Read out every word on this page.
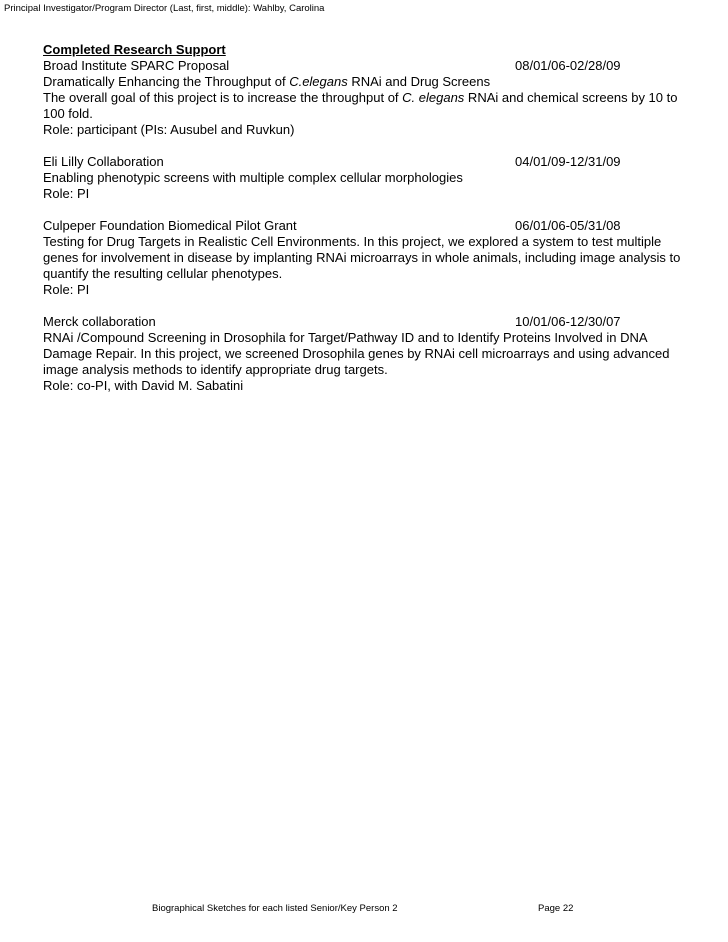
Principal Investigator/Program Director (Last, first, middle): Wahlby, Carolina
Completed Research Support
Broad Institute SPARC Proposal	08/01/06-02/28/09
Dramatically Enhancing the Throughput of C.elegans RNAi and Drug Screens
The overall goal of this project is to increase the throughput of C. elegans RNAi and chemical screens by 10 to
100 fold.
Role: participant (PIs: Ausubel and Ruvkun)
Eli Lilly Collaboration	04/01/09-12/31/09
Enabling phenotypic screens with multiple complex cellular morphologies
Role: PI
Culpeper Foundation Biomedical Pilot Grant	06/01/06-05/31/08
Testing for Drug Targets in Realistic Cell Environments. In this project, we explored a system to test multiple
genes for involvement in disease by implanting RNAi microarrays in whole animals, including image analysis to
quantify the resulting cellular phenotypes.
Role: PI
Merck collaboration	10/01/06-12/30/07
RNAi /Compound Screening in Drosophila for Target/Pathway ID and to Identify Proteins Involved in DNA
Damage Repair. In this project, we screened Drosophila genes by RNAi cell microarrays and using advanced
image analysis methods to identify appropriate drug targets.
Role: co-PI, with David M. Sabatini
Biographical Sketches for each listed Senior/Key Person 2	Page 22
